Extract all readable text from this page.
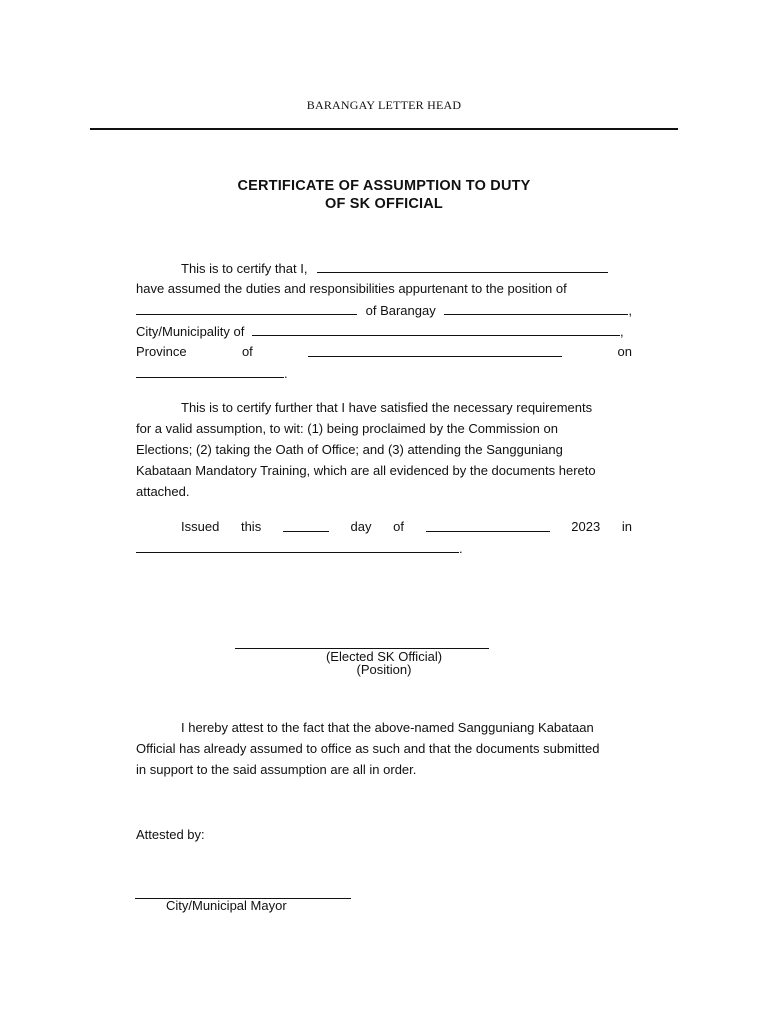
BARANGAY LETTER HEAD
CERTIFICATE OF ASSUMPTION TO DUTY
OF SK OFFICIAL
This is to certify that I,
have assumed the duties and responsibilities appurtenant to the position of
of Barangay	,
City/Municipality of	,
Province	of	on
.
This is to certify further that I have satisfied the necessary requirements
for a valid assumption, to wit: (1) being proclaimed by the Commission on
Elections; (2) taking the Oath of Office; and (3) attending the Sangguniang
Kabataan Mandatory Training, which are all evidenced by the documents hereto
attached.
Issued this	day of	2023 in
.
(Elected SK Official)
(Position)
I hereby attest to the fact that the above-named Sangguniang Kabataan
Official has already assumed to office as such and that the documents submitted
in support to the said assumption are all in order.
Attested by:
City/Municipal Mayor
